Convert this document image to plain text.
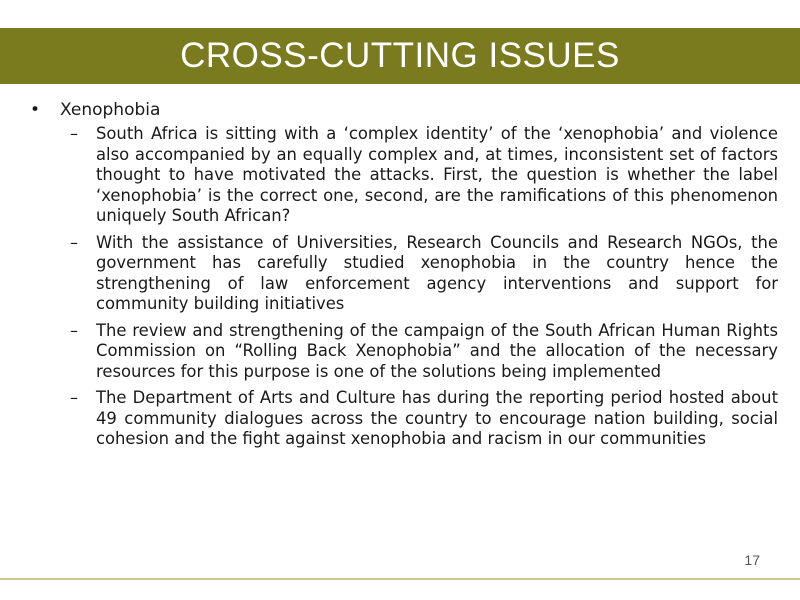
CROSS-CUTTING ISSUES
•	Xenophobia
–	South Africa is sitting with a ‘complex identity’ of the ‘xenophobia’ and violence also accompanied by an equally complex and, at times, inconsistent set of factors thought to have motivated the attacks. First, the question is whether the label ‘xenophobia’ is the correct one, second, are the ramifications of this phenomenon uniquely South African?
–	With the assistance of Universities, Research Councils and Research NGOs, the government has carefully studied xenophobia in the country hence the strengthening of law enforcement agency interventions and support for community building initiatives
–	The review and strengthening of the campaign of the South African Human Rights Commission on “Rolling Back Xenophobia” and the allocation of the necessary resources for this purpose is one of the solutions being implemented
–	The Department of Arts and Culture has during the reporting period hosted about 49 community dialogues across the country to encourage nation building, social cohesion and the fight against xenophobia and racism in our communities
17
